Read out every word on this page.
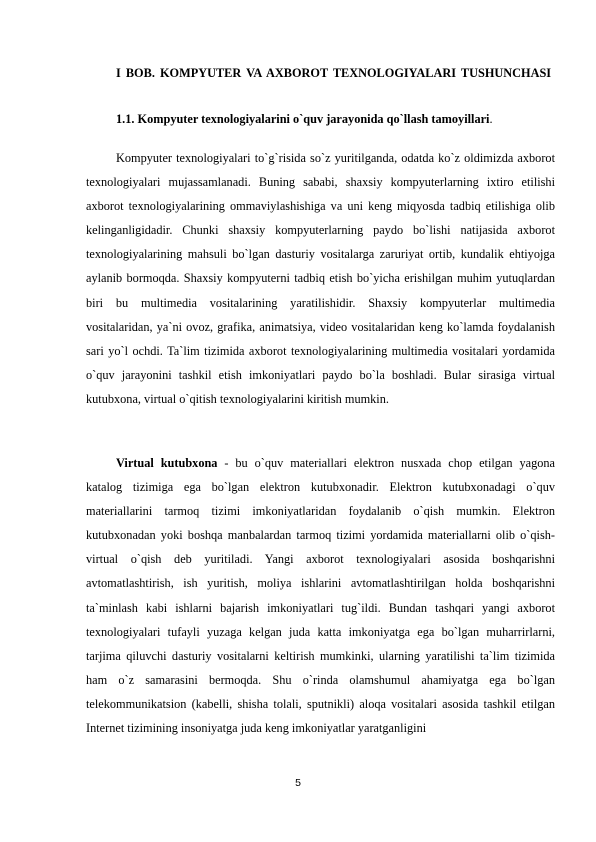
I BOB. KOMPYUTER VA AXBOROT TEXNOLOGIYALARI TUSHUNCHASI

1.1. Kompyuter texnologiyalarini o`quv jarayonida qo`llash tamoyillari.

Kompyuter texnologiyalari to`g`risida so`z yuritilganda, odatda ko`z oldimizda axborot texnologiyalari mujassamlanadi. Buning sababi, shaxsiy kompyuterlarning ixtiro etilishi axborot texnologiyalarining ommaviylashishiga va uni keng miqyosda tadbiq etilishiga olib kelinganligidadir. Chunki shaxsiy kompyuterlarning paydo bo`lishi natijasida axborot texnologiyalarining mahsuli bo`lgan dasturiy vositalarga zaruriyat ortib, kundalik ehtiyojga aylanib bormoqda. Shaxsiy kompyuterni tadbiq etish bo`yicha erishilgan muhim yutuqlardan biri bu multimedia vositalarining yaratilishidir. Shaxsiy kompyuterlar multimedia vositalaridan, ya`ni ovoz, grafika, animatsiya, video vositalaridan keng ko`lamda foydalanish sari yo`l ochdi. Ta`lim tizimida axborot texnologiyalarining multimedia vositalari yordamida o`quv jarayonini tashkil etish imkoniyatlari paydo bo`la boshladi. Bular sirasiga virtual kutubxona, virtual o`qitish texnologiyalarini kiritish mumkin.

Virtual kutubxona - bu o`quv materiallari elektron nusxada chop etilgan yagona katalog tizimiga ega bo`lgan elektron kutubxonadir. Elektron kutubxonadagi o`quv materiallarini tarmoq tizimi imkoniyatlaridan foydalanib o`qish mumkin. Elektron kutubxonadan yoki boshqa manbalardan tarmoq tizimi yordamida materiallarni olib o`qish-virtual o`qish deb yuritiladi. Yangi axborot texnologiyalari asosida boshqarishni avtomatlashtirish, ish yuritish, moliya ishlarini avtomatlashtirilgan holda boshqarishni ta`minlash kabi ishlarni bajarish imkoniyatlari tug`ildi. Bundan tashqari yangi axborot texnologiyalari tufayli yuzaga kelgan juda katta imkoniyatga ega bo`lgan muharrirlarni, tarjima qiluvchi dasturiy vositalarni keltirish mumkinki, ularning yaratilishi ta`lim tizimida ham o`z samarasini bermoqda. Shu o`rinda olamshumul ahamiyatga ega bo`lgan telekommunikatsion (kabelli, shisha tolali, sputnikli) aloqa vositalari asosida tashkil etilgan Internet tizimining insoniyatga juda keng imkoniyatlar yaratganligini

5
